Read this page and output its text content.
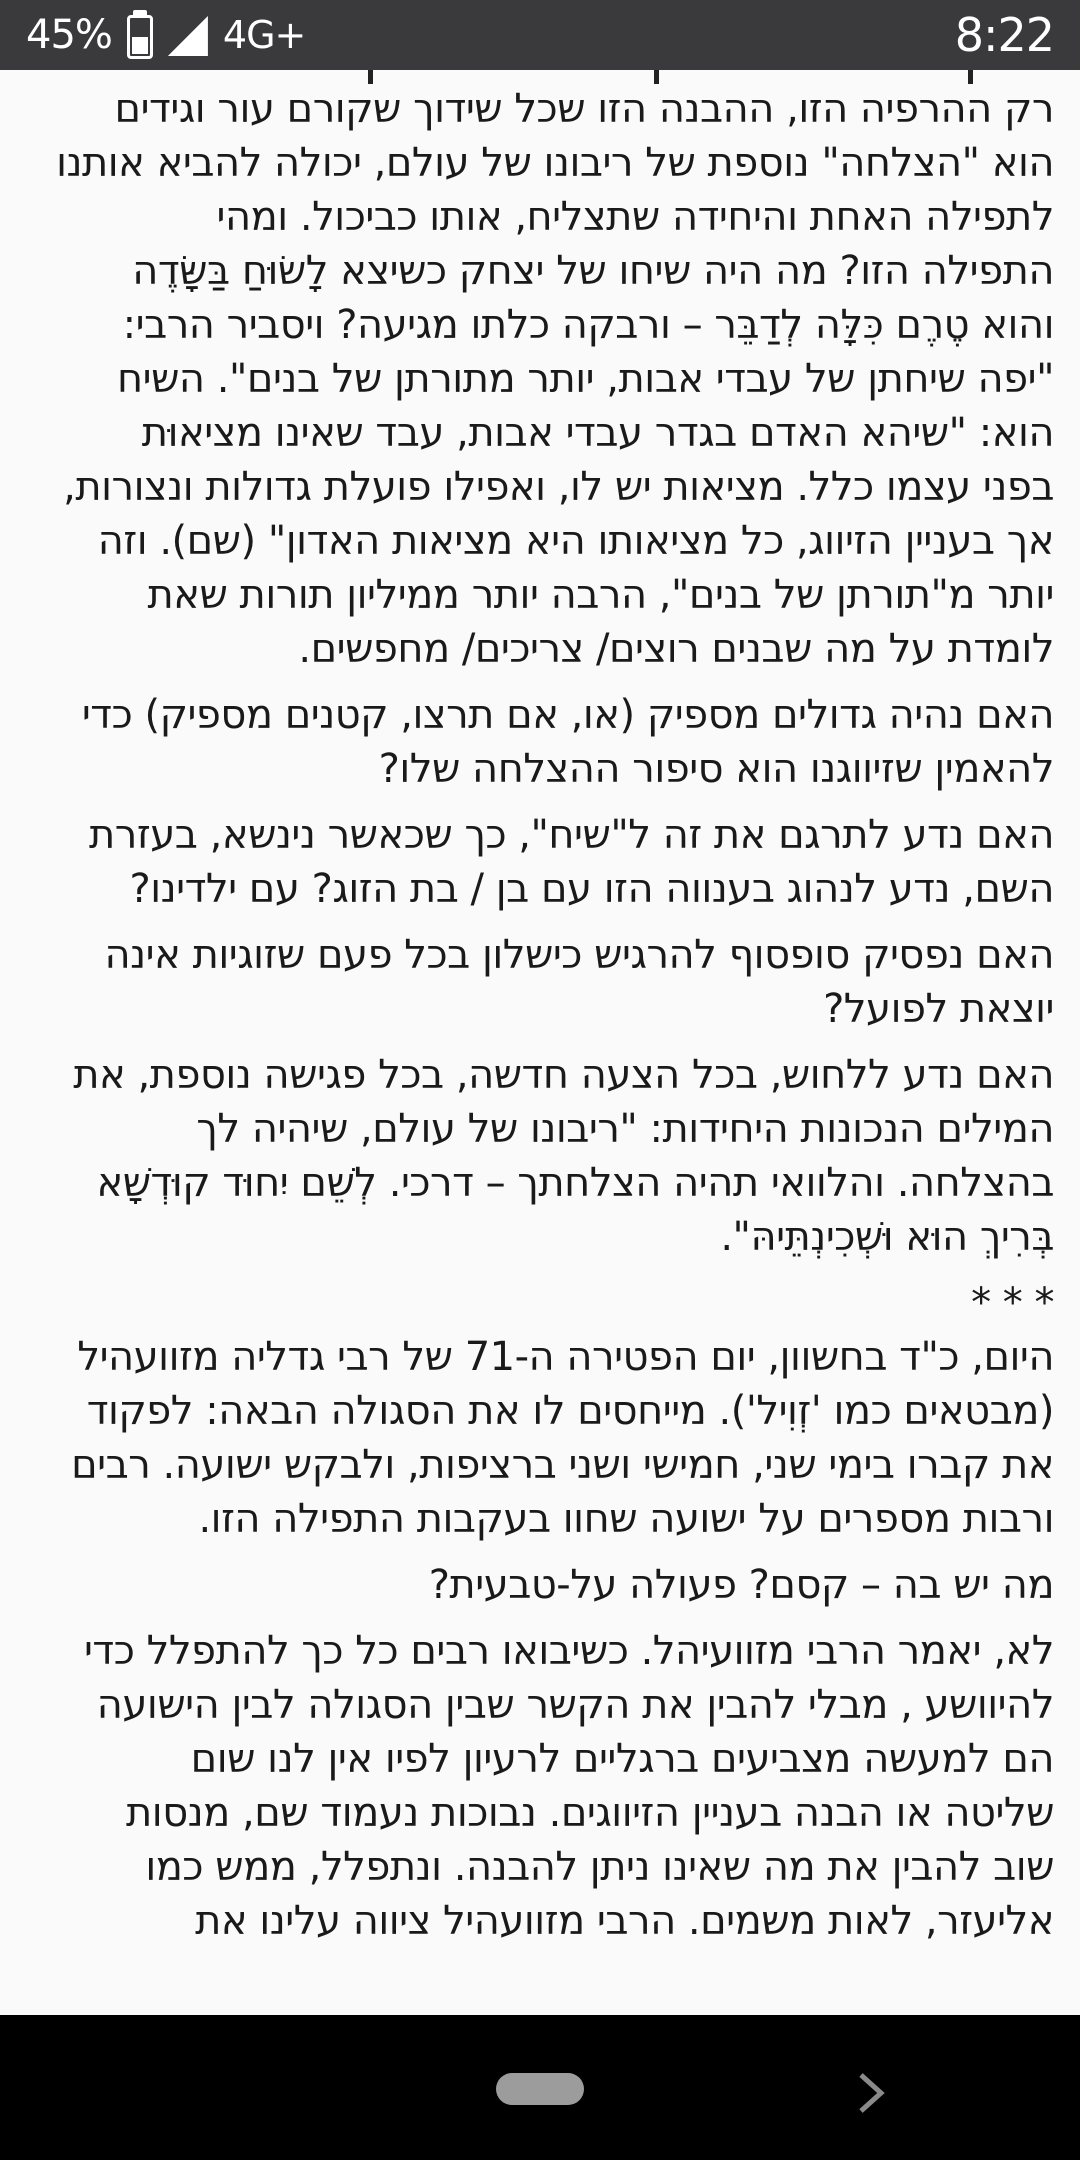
45%	4G+	8:22
רק ההרפיה הזו, ההבנה הזו שכל שידוך שקורם עור וגידים
הוא "הצלחה" נוספת של ריבונו של עולם, יכולה להביא אותנו
לתפילה האחת והיחידה שתצליח, אותו כביכול. ומהי
התפילה הזו? מה היה שיחו של יצחק כשיצא לָשׂוּחַ בַּשָּׂדֶה
והוא טֶרֶם כִּלָּה לְדַבֵּר – ורבקה כלתו מגיעה? ויסביר הרבי:
"יפה שיחתן של עבדי אבות, יותר מתורתן של בנים". השיח
הוא: "שיהא האדם בגדר עבדי אבות, עבד שאינו מציאוּת
בפני עצמו כלל. מציאות יש לו, ואפילו פועלת גדולות ונצורות,
אך בעניין הזיווג, כל מציאותו היא מציאות האדון" (שם). וזה
יותר מ"תורתן של בנים", הרבה יותר ממיליון תורות שאת
לומדת על מה שבנים רוצים/ צריכים/ מחפשים.
האם נהיה גדולים מספיק (או, אם תרצו, קטנים מספיק) כדי
להאמין שזיווגנו הוא סיפור ההצלחה שלו?
האם נדע לתרגם את זה ל"שיח", כך שכאשר נינשא, בעזרת
השם, נדע לנהוג בענווה הזו עם בן / בת הזוג? עם ילדינו?
האם נפסיק סופסוף להרגיש כישלון בכל פעם שזוגיות אינה
יוצאת לפועל?
האם נדע ללחוש, בכל הצעה חדשה, בכל פגישה נוספת, את
המילים הנכונות היחידות: "ריבונו של עולם, שיהיה לך
בהצלחה. והלוואי תהיה הצלחתך – דרכי. לְשֵׁם יִחוּד קוּדְשָׁא
בְּרִיךְ הוּא וּשְׁכִינְתֵּיהּ".
* * *
היום, כ"ד בחשוון, יום הפטירה ה-71 של רבי גדליה מזוועהיל
(מבטאים כמו 'זְוִיל'). מייחסים לו את הסגולה הבאה: לפקוד
את קברו בימי שני, חמישי ושני ברציפות, ולבקש ישועה. רבים
ורבות מספרים על ישועה שחוו בעקבות התפילה הזו.
מה יש בה – קסם? פעולה על-טבעית?
לא, יאמר הרבי מזוועיהל. כשיבואו רבים כל כך להתפלל כדי
להיוושע , מבלי להבין את הקשר שבין הסגולה לבין הישועה
הם למעשה מצביעים ברגליים לרעיון לפיו אין לנו שום
שליטה או הבנה בעניין הזיווגים. נבוכות נעמוד שם, מנסות
שוב להבין את מה שאינו ניתן להבנה. ונתפלל, ממש כמו
אליעזר, לאות משמים. הרבי מזוועהיל ציווה עלינו את
